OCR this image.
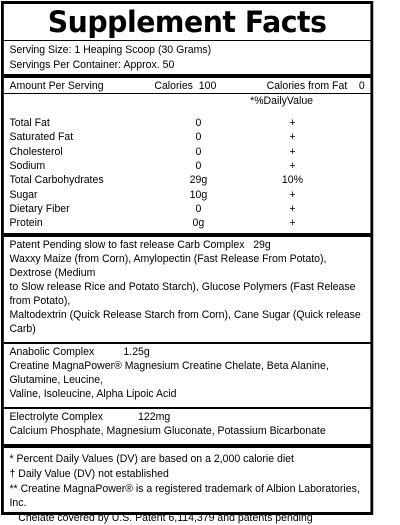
Supplement Facts
Serving Size: 1 Heaping Scoop (30 Grams)
Servings Per Container: Approx. 50
Amount Per Serving	Calories  100	Calories from Fat    0
*%DailyValue
Total Fat	0	+
Saturated Fat	0	+
Cholesterol	0	+
Sodium	0	+
Total Carbohydrates	29g	10%
Sugar	10g	+
Dietary Fiber	0	+
Protein	0g	+

Patent Pending slow to fast release Carb Complex   29g

Waxxy Maize (from Corn), Amylopectin (Fast Release From Potato), Dextrose (Medium

to Slow release Rice and Potato Starch), Glucose Polymers (Fast Release from Potato),

Maltodextrin (Quick Release Starch from Corn), Cane Sugar (Quick release Carb)

Anabolic Complex          1.25g

Creatine MagnaPower® Magnesium Creatine Chelate, Beta Alanine, Glutamine, Leucine,

Valine, Isoleucine, Alpha Lipoic Acid

Electrolyte Complex            122mg

Calcium Phosphate, Magnesium Gluconate, Potassium Bicarbonate

* Percent Daily Values (DV) are based on a 2,000 calorie diet

† Daily Value (DV) not established

** Creatine MagnaPower® is a registered trademark of Albion Laboratories, Inc.

Chelate covered by U.S. Patent 6,114,379 and patents pending
